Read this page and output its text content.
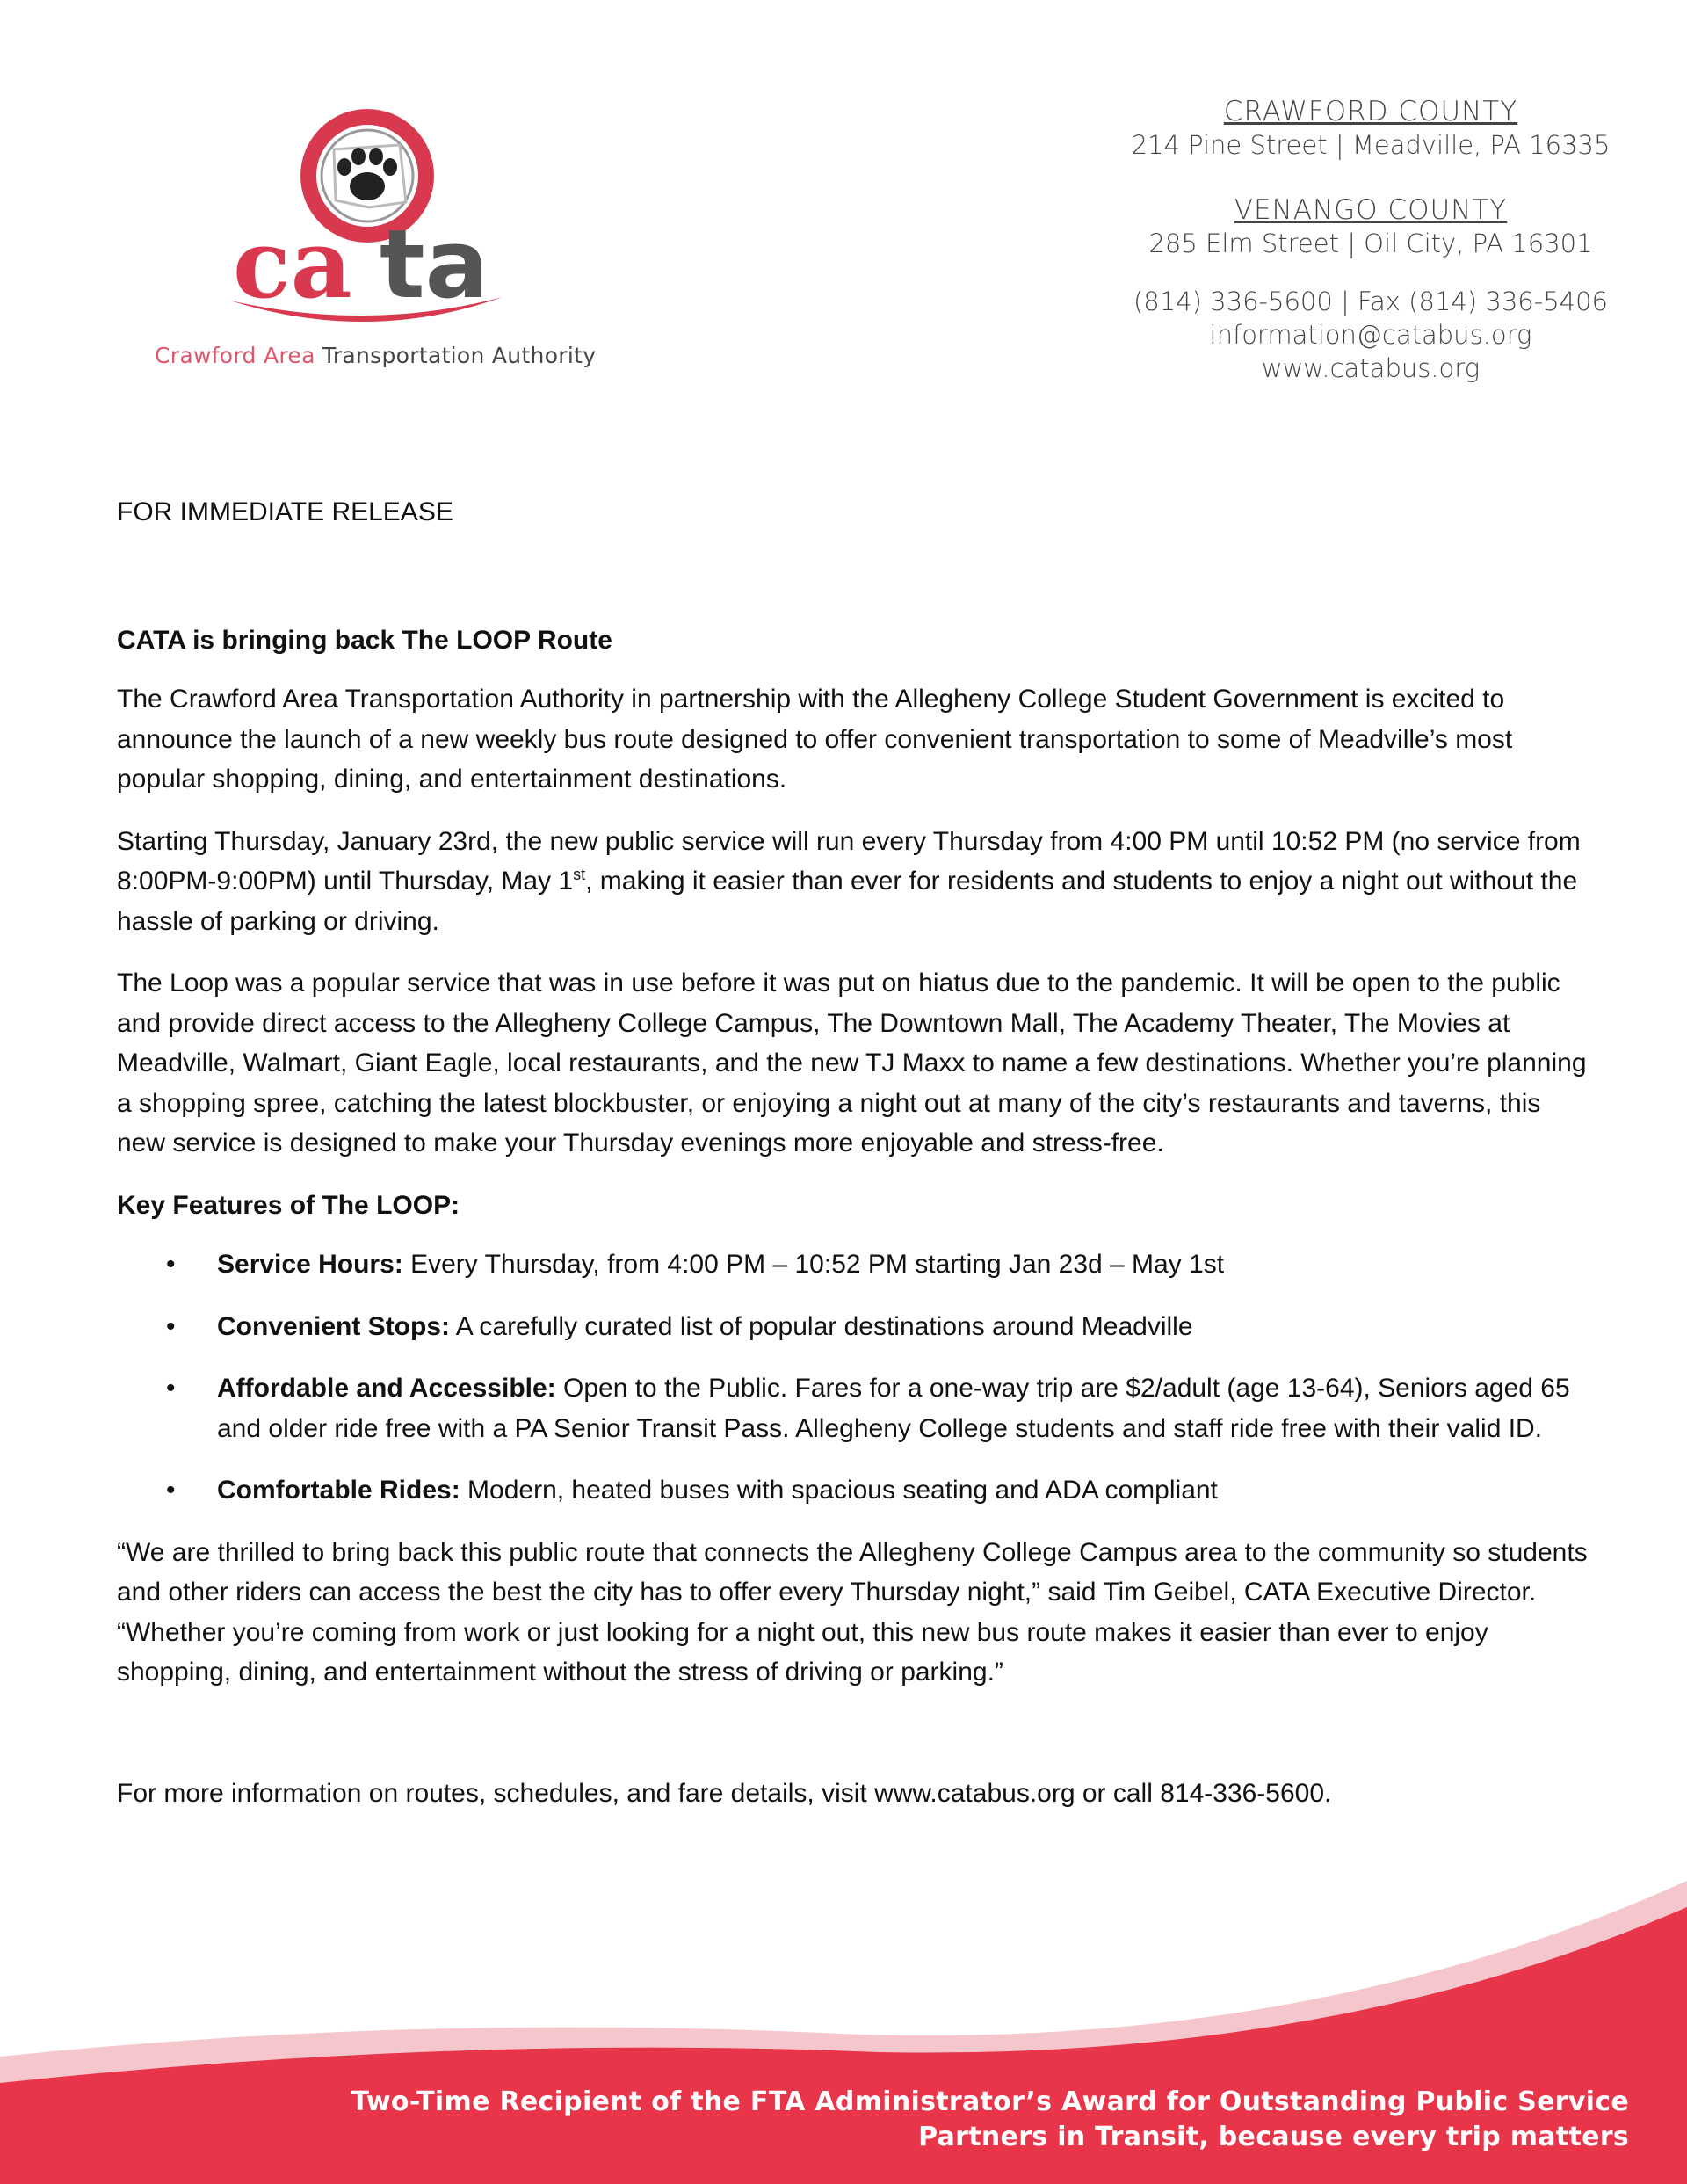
ca ta
Crawford Area Transportation Authority
CRAWFORD COUNTY
214 Pine Street | Meadville, PA 16335
VENANGO COUNTY
285 Elm Street | Oil City, PA 16301
(814) 336-5600 | Fax (814) 336-5406
information@catabus.org
www.catabus.org
FOR IMMEDIATE RELEASE
CATA is bringing back The LOOP Route

The Crawford Area Transportation Authority in partnership with the Allegheny College Student Government is excited to announce the launch of a new weekly bus route designed to offer convenient transportation to some of Meadville’s most popular shopping, dining, and entertainment destinations.

Starting Thursday, January 23rd, the new public service will run every Thursday from 4:00 PM until 10:52 PM (no service from 8:00PM-9:00PM) until Thursday, May 1st, making it easier than ever for residents and students to enjoy a night out without the hassle of parking or driving.

The Loop was a popular service that was in use before it was put on hiatus due to the pandemic. It will be open to the public and provide direct access to the Allegheny College Campus, The Downtown Mall, The Academy Theater, The Movies at Meadville, Walmart, Giant Eagle, local restaurants, and the new TJ Maxx to name a few destinations. Whether you’re planning a shopping spree, catching the latest blockbuster, or enjoying a night out at many of the city’s restaurants and taverns, this new service is designed to make your Thursday evenings more enjoyable and stress-free.

Key Features of The LOOP:
• Service Hours: Every Thursday, from 4:00 PM – 10:52 PM starting Jan 23d – May 1st
• Convenient Stops: A carefully curated list of popular destinations around Meadville
• Affordable and Accessible: Open to the Public. Fares for a one-way trip are $2/adult (age 13-64), Seniors aged 65 and older ride free with a PA Senior Transit Pass. Allegheny College students and staff ride free with their valid ID.
• Comfortable Rides: Modern, heated buses with spacious seating and ADA compliant

“We are thrilled to bring back this public route that connects the Allegheny College Campus area to the community so students and other riders can access the best the city has to offer every Thursday night,” said Tim Geibel, CATA Executive Director. “Whether you’re coming from work or just looking for a night out, this new bus route makes it easier than ever to enjoy shopping, dining, and entertainment without the stress of driving or parking.”

For more information on routes, schedules, and fare details, visit www.catabus.org or call 814-336-5600.

Two-Time Recipient of the FTA Administrator’s Award for Outstanding Public Service
Partners in Transit, because every trip matters
